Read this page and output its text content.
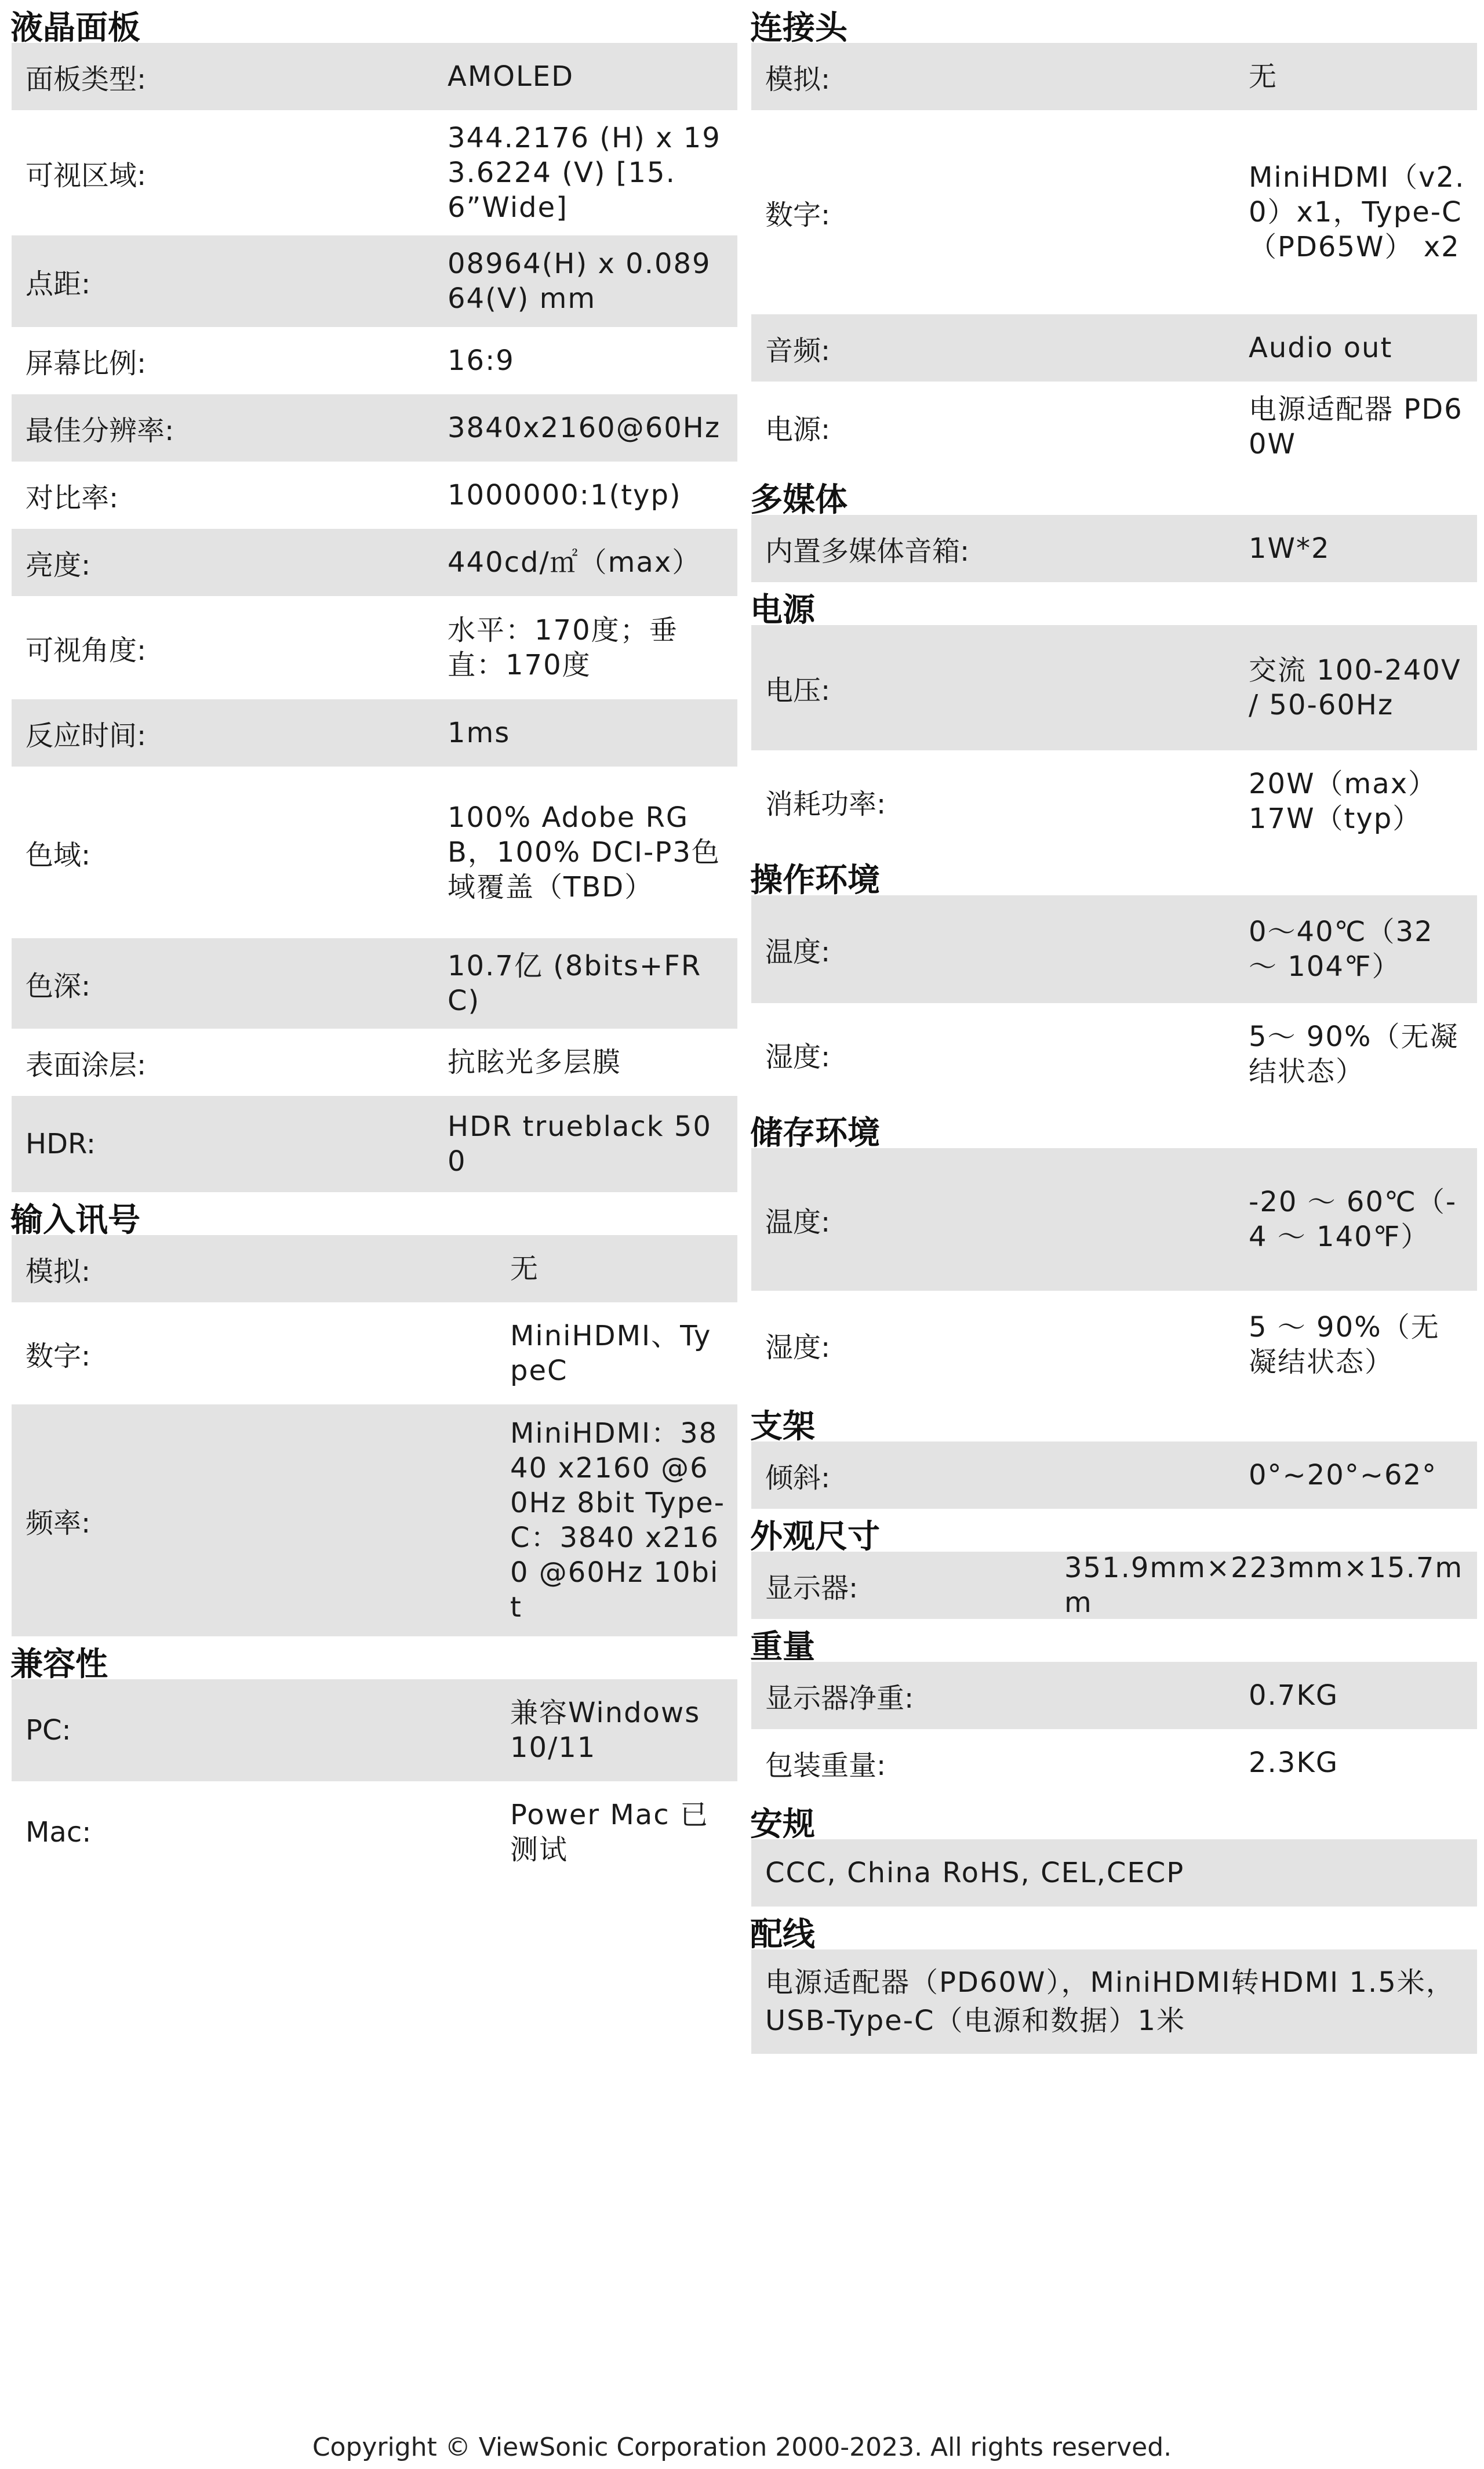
液晶面板
面板类型:	AMOLED
可视区域:
344.2176 (H) x 193.6224 (V) [15.6”Wide]
点距:
08964(H) x 0.08964(V) mm
屏幕比例:	16:9
最佳分辨率:	3840x2160@60Hz
对比率:	1000000:1(typ)
亮度:	440cd/㎡（max）
可视角度:
水平：170度；垂直：170度
反应时间:	1ms
色域:
100% Adobe RGB，100% DCI-P3色域覆盖（TBD）
色深:
10.7亿 (8bits+FRC)
表面涂层:	抗眩光多层膜
HDR:
HDR trueblack 500
输入讯号
模拟:	无
数字:
MiniHDMI、TypeC
频率:
MiniHDMI：3840 x2160 @60Hz 8bit Type-C：3840 x2160 @60Hz 10bit
兼容性
PC:
兼容Windows 10/11
Mac:
Power Mac 已测试
连接头
模拟:	无
数字:
MiniHDMI（v2.0）x1，Type-C（PD65W） x2
音频:	Audio out
电源:
电源适配器 PD60W
多媒体
内置多媒体音箱:	1W*2
电源
电压:
交流 100-240V / 50-60Hz
消耗功率:
20W（max） 17W（typ）
操作环境
温度:
0～40℃（32 ～ 104℉）
湿度:
5～ 90%（无凝结状态）
储存环境
温度:
-20 ～ 60℃（-4 ～ 140℉）
湿度:
5 ～ 90%（无凝结状态）
支架
倾斜:	0°~20°~62°
外观尺寸
显示器:
351.9mm×223mm×15.7mm
重量
显示器净重:	0.7KG
包装重量:	2.3KG
安规
CCC, China RoHS, CEL,CECP
配线
电源适配器（PD60W），MiniHDMI转HDMI 1.5米，USB-Type-C（电源和数据）1米
Copyright © ViewSonic Corporation 2000-2023. All rights reserved.
